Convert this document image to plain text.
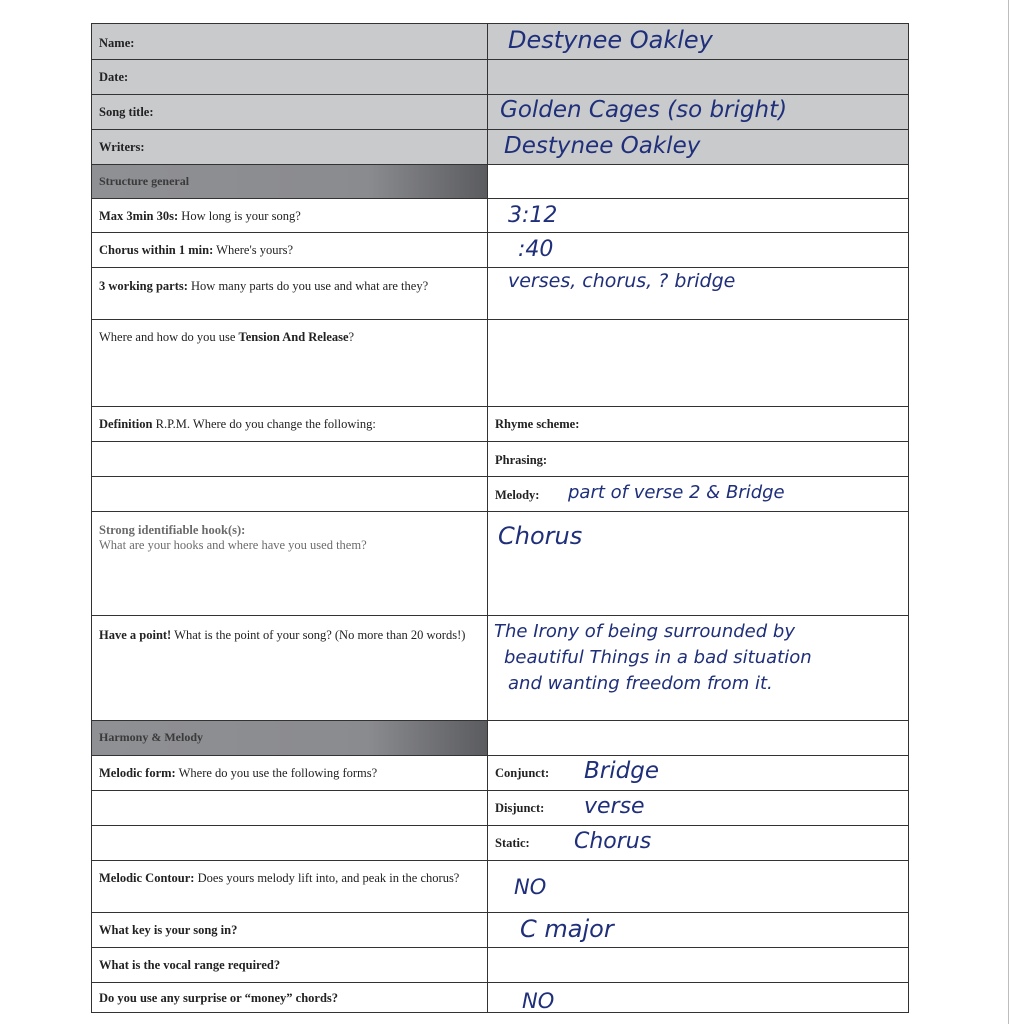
Name:	Destynee Oakley
Date:
Song title:	Golden Cages (so bright)
Writers:	Destynee Oakley
Structure general
Max 3min 30s: How long is your song?	3:12
Chorus within 1 min: Where's yours?	:40
3 working parts: How many parts do you use and what are they?	verses, chorus, ? bridge
Where and how do you use Tension And Release?
Definition R.P.M. Where do you change the following:	Rhyme scheme:
Phrasing:
Melody: part of verse 2 & Bridge
Strong identifiable hook(s):
What are your hooks and where have you used them?	Chorus
Have a point! What is the point of your song? (No more than 20 words!)	The Irony of being surrounded by
beautiful Things in a bad situation
and wanting freedom from it.
Harmony & Melody
Melodic form: Where do you use the following forms?	Conjunct: Bridge
Disjunct: verse
Static: Chorus
Melodic Contour: Does yours melody lift into, and peak in the chorus?	NO
What key is your song in?	C major
What is the vocal range required?
Do you use any surprise or “money” chords?	NO
